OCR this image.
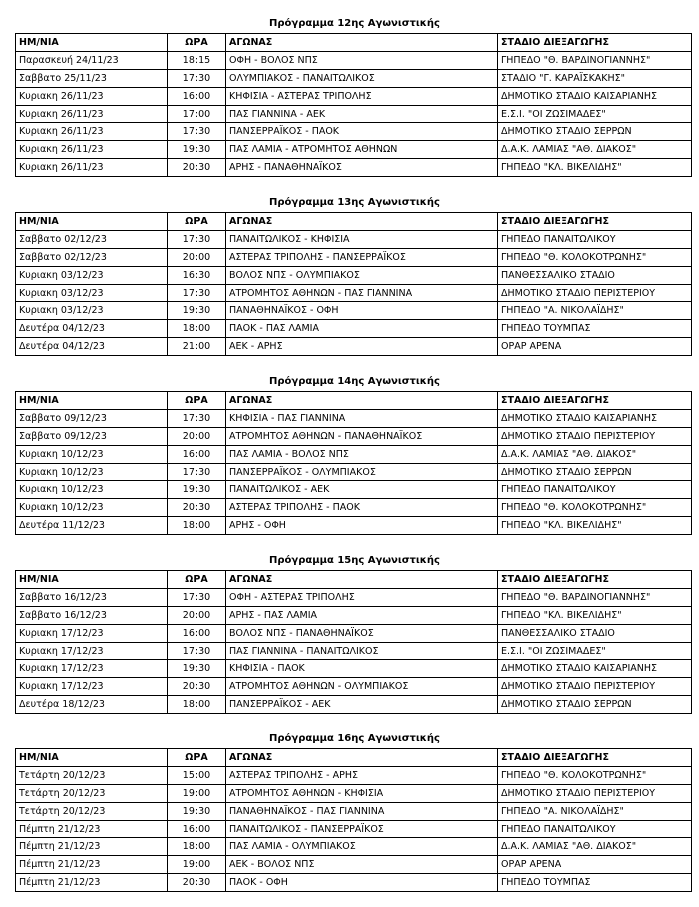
Πρόγραμμα 12ης Αγωνιστικής
ΗΜ/ΝΙΑ	ΩΡΑ	ΑΓΩΝΑΣ	ΣΤΑΔΙΟ ΔΙΕΞΑΓΩΓΗΣ
Παρασκευή 24/11/23	18:15	ΟΦΗ - ΒΟΛΟΣ ΝΠΣ	ΓΗΠΕΔΟ "Θ. ΒΑΡΔΙΝΟΓΙΑΝΝΗΣ"
Σαββατο 25/11/23	17:30	ΟΛΥΜΠΙΑΚΟΣ - ΠΑΝΑΙΤΩΛΙΚΟΣ	ΣΤΑΔΙΟ "Γ. ΚΑΡΑΪΣΚΑΚΗΣ"
Κυριακη 26/11/23	16:00	ΚΗΦΙΣΙΑ - ΑΣΤΕΡΑΣ ΤΡΙΠΟΛΗΣ	ΔΗΜΟΤΙΚΟ ΣΤΑΔΙΟ ΚΑΙΣΑΡΙΑΝΗΣ
Κυριακη 26/11/23	17:00	ΠΑΣ ΓΙΑΝΝΙΝΑ - ΑΕΚ	Ε.Σ.Ι. "ΟΙ ΖΩΣΙΜΑΔΕΣ"
Κυριακη 26/11/23	17:30	ΠΑΝΣΕΡΡΑΪΚΟΣ - ΠΑΟΚ	ΔΗΜΟΤΙΚΟ ΣΤΑΔΙΟ ΣΕΡΡΩΝ
Κυριακη 26/11/23	19:30	ΠΑΣ ΛΑΜΙΑ - ΑΤΡΟΜΗΤΟΣ ΑΘΗΝΩΝ	Δ.Α.Κ. ΛΑΜΙΑΣ "ΑΘ. ΔΙΑΚΟΣ"
Κυριακη 26/11/23	20:30	ΑΡΗΣ - ΠΑΝΑΘΗΝΑΪΚΟΣ	ΓΗΠΕΔΟ "ΚΛ. ΒΙΚΕΛΙΔΗΣ"
Πρόγραμμα 13ης Αγωνιστικής
ΗΜ/ΝΙΑ	ΩΡΑ	ΑΓΩΝΑΣ	ΣΤΑΔΙΟ ΔΙΕΞΑΓΩΓΗΣ
Σαββατο 02/12/23	17:30	ΠΑΝΑΙΤΩΛΙΚΟΣ - ΚΗΦΙΣΙΑ	ΓΗΠΕΔΟ ΠΑΝΑΙΤΩΛΙΚΟΥ
Σαββατο 02/12/23	20:00	ΑΣΤΕΡΑΣ ΤΡΙΠΟΛΗΣ - ΠΑΝΣΕΡΡΑΪΚΟΣ	ΓΗΠΕΔΟ "Θ. ΚΟΛΟΚΟΤΡΩΝΗΣ"
Κυριακη 03/12/23	16:30	ΒΟΛΟΣ ΝΠΣ - ΟΛΥΜΠΙΑΚΟΣ	ΠΑΝΘΕΣΣΑΛΙΚΟ ΣΤΑΔΙΟ
Κυριακη 03/12/23	17:30	ΑΤΡΟΜΗΤΟΣ ΑΘΗΝΩΝ - ΠΑΣ ΓΙΑΝΝΙΝΑ	ΔΗΜΟΤΙΚΟ ΣΤΑΔΙΟ ΠΕΡΙΣΤΕΡΙΟΥ
Κυριακη 03/12/23	19:30	ΠΑΝΑΘΗΝΑΪΚΟΣ - ΟΦΗ	ΓΗΠΕΔΟ "Α. ΝΙΚΟΛΑΪΔΗΣ"
Δευτέρα 04/12/23	18:00	ΠΑΟΚ - ΠΑΣ ΛΑΜΙΑ	ΓΗΠΕΔΟ ΤΟΥΜΠΑΣ
Δευτέρα 04/12/23	21:00	ΑΕΚ - ΑΡΗΣ	ΟΡΑΡ ΑΡΕΝΑ
Πρόγραμμα 14ης Αγωνιστικής
ΗΜ/ΝΙΑ	ΩΡΑ	ΑΓΩΝΑΣ	ΣΤΑΔΙΟ ΔΙΕΞΑΓΩΓΗΣ
Σαββατο 09/12/23	17:30	ΚΗΦΙΣΙΑ - ΠΑΣ ΓΙΑΝΝΙΝΑ	ΔΗΜΟΤΙΚΟ ΣΤΑΔΙΟ ΚΑΙΣΑΡΙΑΝΗΣ
Σαββατο 09/12/23	20:00	ΑΤΡΟΜΗΤΟΣ ΑΘΗΝΩΝ - ΠΑΝΑΘΗΝΑΪΚΟΣ	ΔΗΜΟΤΙΚΟ ΣΤΑΔΙΟ ΠΕΡΙΣΤΕΡΙΟΥ
Κυριακη 10/12/23	16:00	ΠΑΣ ΛΑΜΙΑ - ΒΟΛΟΣ ΝΠΣ	Δ.Α.Κ. ΛΑΜΙΑΣ "ΑΘ. ΔΙΑΚΟΣ"
Κυριακη 10/12/23	17:30	ΠΑΝΣΕΡΡΑΪΚΟΣ - ΟΛΥΜΠΙΑΚΟΣ	ΔΗΜΟΤΙΚΟ ΣΤΑΔΙΟ ΣΕΡΡΩΝ
Κυριακη 10/12/23	19:30	ΠΑΝΑΙΤΩΛΙΚΟΣ - ΑΕΚ	ΓΗΠΕΔΟ ΠΑΝΑΙΤΩΛΙΚΟΥ
Κυριακη 10/12/23	20:30	ΑΣΤΕΡΑΣ ΤΡΙΠΟΛΗΣ - ΠΑΟΚ	ΓΗΠΕΔΟ "Θ. ΚΟΛΟΚΟΤΡΩΝΗΣ"
Δευτέρα 11/12/23	18:00	ΑΡΗΣ - ΟΦΗ	ΓΗΠΕΔΟ "ΚΛ. ΒΙΚΕΛΙΔΗΣ"
Πρόγραμμα 15ης Αγωνιστικής
ΗΜ/ΝΙΑ	ΩΡΑ	ΑΓΩΝΑΣ	ΣΤΑΔΙΟ ΔΙΕΞΑΓΩΓΗΣ
Σαββατο 16/12/23	17:30	ΟΦΗ - ΑΣΤΕΡΑΣ ΤΡΙΠΟΛΗΣ	ΓΗΠΕΔΟ "Θ. ΒΑΡΔΙΝΟΓΙΑΝΝΗΣ"
Σαββατο 16/12/23	20:00	ΑΡΗΣ - ΠΑΣ ΛΑΜΙΑ	ΓΗΠΕΔΟ "ΚΛ. ΒΙΚΕΛΙΔΗΣ"
Κυριακη 17/12/23	16:00	ΒΟΛΟΣ ΝΠΣ - ΠΑΝΑΘΗΝΑΪΚΟΣ	ΠΑΝΘΕΣΣΑΛΙΚΟ ΣΤΑΔΙΟ
Κυριακη 17/12/23	17:30	ΠΑΣ ΓΙΑΝΝΙΝΑ - ΠΑΝΑΙΤΩΛΙΚΟΣ	Ε.Σ.Ι. "ΟΙ ΖΩΣΙΜΑΔΕΣ"
Κυριακη 17/12/23	19:30	ΚΗΦΙΣΙΑ - ΠΑΟΚ	ΔΗΜΟΤΙΚΟ ΣΤΑΔΙΟ ΚΑΙΣΑΡΙΑΝΗΣ
Κυριακη 17/12/23	20:30	ΑΤΡΟΜΗΤΟΣ ΑΘΗΝΩΝ - ΟΛΥΜΠΙΑΚΟΣ	ΔΗΜΟΤΙΚΟ ΣΤΑΔΙΟ ΠΕΡΙΣΤΕΡΙΟΥ
Δευτέρα 18/12/23	18:00	ΠΑΝΣΕΡΡΑΪΚΟΣ - ΑΕΚ	ΔΗΜΟΤΙΚΟ ΣΤΑΔΙΟ ΣΕΡΡΩΝ
Πρόγραμμα 16ης Αγωνιστικής
ΗΜ/ΝΙΑ	ΩΡΑ	ΑΓΩΝΑΣ	ΣΤΑΔΙΟ ΔΙΕΞΑΓΩΓΗΣ
Τετάρτη 20/12/23	15:00	ΑΣΤΕΡΑΣ ΤΡΙΠΟΛΗΣ - ΑΡΗΣ	ΓΗΠΕΔΟ "Θ. ΚΟΛΟΚΟΤΡΩΝΗΣ"
Τετάρτη 20/12/23	19:00	ΑΤΡΟΜΗΤΟΣ ΑΘΗΝΩΝ - ΚΗΦΙΣΙΑ	ΔΗΜΟΤΙΚΟ ΣΤΑΔΙΟ ΠΕΡΙΣΤΕΡΙΟΥ
Τετάρτη 20/12/23	19:30	ΠΑΝΑΘΗΝΑΪΚΟΣ - ΠΑΣ ΓΙΑΝΝΙΝΑ	ΓΗΠΕΔΟ "Α. ΝΙΚΟΛΑΪΔΗΣ"
Πέμπτη 21/12/23	16:00	ΠΑΝΑΙΤΩΛΙΚΟΣ - ΠΑΝΣΕΡΡΑΪΚΟΣ	ΓΗΠΕΔΟ ΠΑΝΑΙΤΩΛΙΚΟΥ
Πέμπτη 21/12/23	18:00	ΠΑΣ ΛΑΜΙΑ - ΟΛΥΜΠΙΑΚΟΣ	Δ.Α.Κ. ΛΑΜΙΑΣ "ΑΘ. ΔΙΑΚΟΣ"
Πέμπτη 21/12/23	19:00	ΑΕΚ - ΒΟΛΟΣ ΝΠΣ	ΟΡΑΡ ΑΡΕΝΑ
Πέμπτη 21/12/23	20:30	ΠΑΟΚ - ΟΦΗ	ΓΗΠΕΔΟ ΤΟΥΜΠΑΣ
